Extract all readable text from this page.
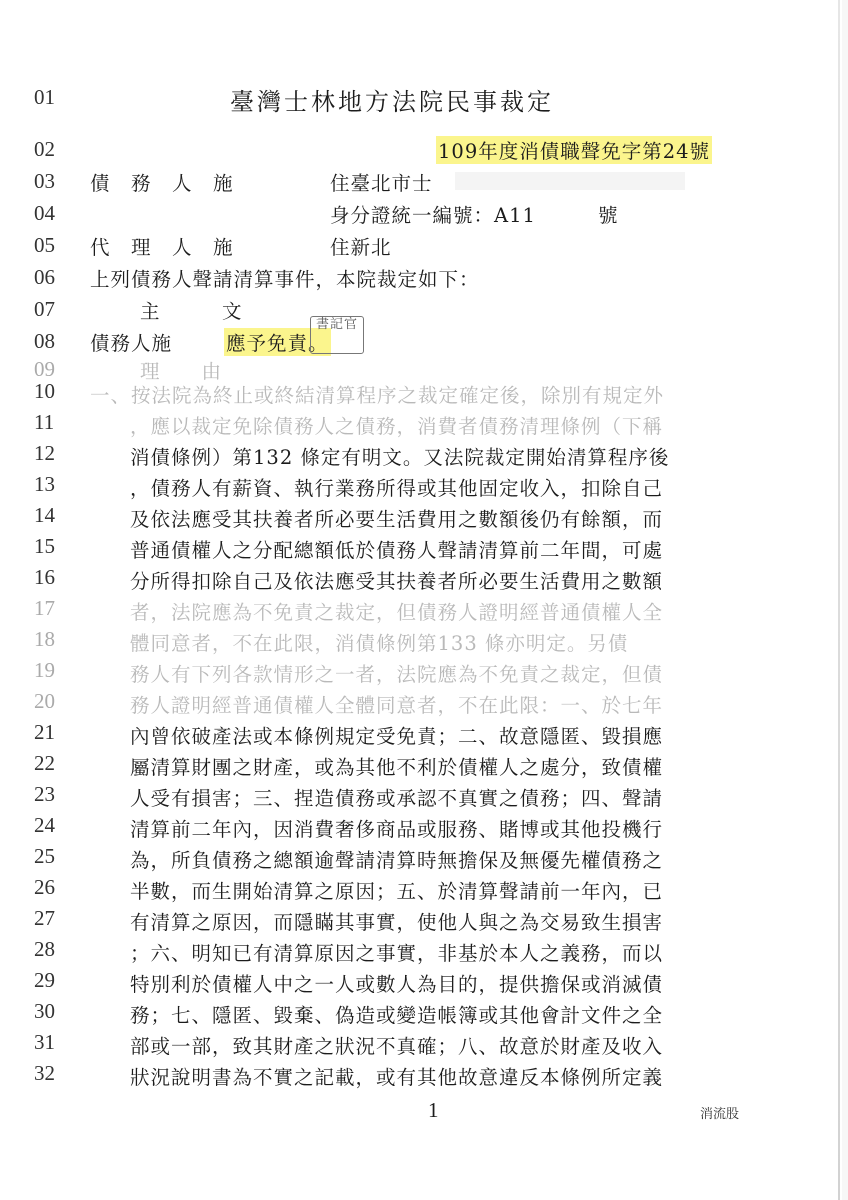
臺灣士林地方法院民事裁定
01
02	109年度消債職聲免字第24號
03 債　務　人　施	住臺北市士
04	身分證統一編號：A11	號
05 代　理　人　施	住新北
06 上列債務人聲請清算事件，本院裁定如下：
07	主　　　文
08 債務人施	應予免責。
書記官
09	理　　由
10 一、按法院為終止或終結清算程序之裁定確定後，除別有規定外
11	，應以裁定免除債務人之債務，消費者債務清理條例（下稱
12	消債條例）第132 條定有明文。又法院裁定開始清算程序後
13	，債務人有薪資、執行業務所得或其他固定收入，扣除自己
14	及依法應受其扶養者所必要生活費用之數額後仍有餘額，而
15	普通債權人之分配總額低於債務人聲請清算前二年間，可處
16	分所得扣除自己及依法應受其扶養者所必要生活費用之數額
17	者，法院應為不免責之裁定，但債務人證明經普通債權人全
18	體同意者，不在此限，消債條例第133 條亦明定。另債
19	務人有下列各款情形之一者，法院應為不免責之裁定，但債
20	務人證明經普通債權人全體同意者，不在此限：一、於七年
21	內曾依破產法或本條例規定受免責；二、故意隱匿、毀損應
22	屬清算財團之財產，或為其他不利於債權人之處分，致債權
23	人受有損害；三、捏造債務或承認不真實之債務；四、聲請
24	清算前二年內，因消費奢侈商品或服務、賭博或其他投機行
25	為，所負債務之總額逾聲請清算時無擔保及無優先權債務之
26	半數，而生開始清算之原因；五、於清算聲請前一年內，已
27	有清算之原因，而隱瞞其事實，使他人與之為交易致生損害
28	；六、明知已有清算原因之事實，非基於本人之義務，而以
29	特別利於債權人中之一人或數人為目的，提供擔保或消滅債
30	務；七、隱匿、毀棄、偽造或變造帳簿或其他會計文件之全
31	部或一部，致其財產之狀況不真確；八、故意於財產及收入
32	狀況說明書為不實之記載，或有其他故意違反本條例所定義
1	消流股
